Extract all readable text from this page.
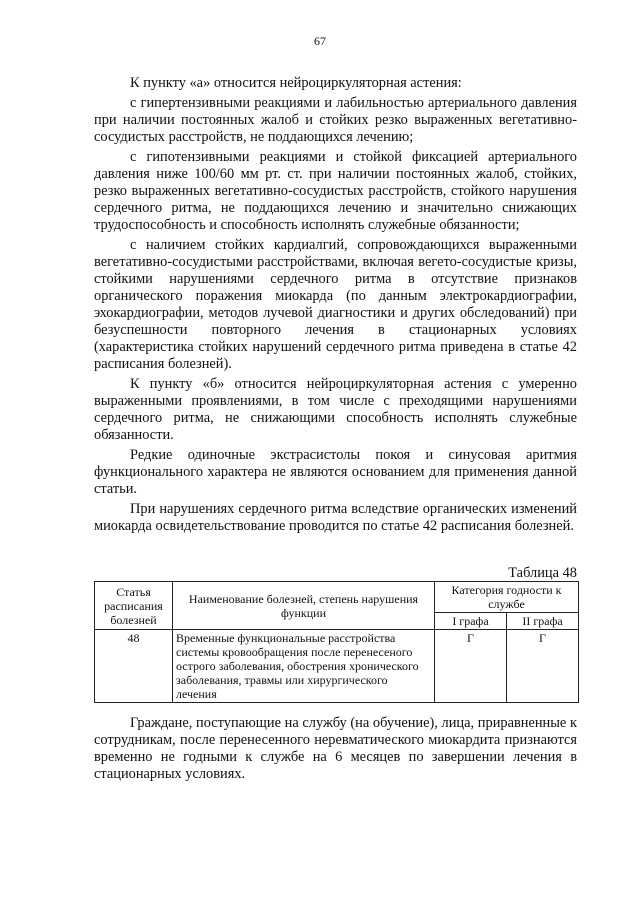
67

К пункту «а» относится нейроциркуляторная астения:

с гипертензивными реакциями и лабильностью артериального давления при наличии постоянных жалоб и стойких резко выраженных вегетативно-сосудистых расстройств, не поддающихся лечению;

с гипотензивными реакциями и стойкой фиксацией артериального давления ниже 100/60 мм рт. ст. при наличии постоянных жалоб, стойких, резко выраженных вегетативно-сосудистых расстройств, стойкого нарушения сердечного ритма, не поддающихся лечению и значительно снижающих трудоспособность и способность исполнять служебные обязанности;

с наличием стойких кардиалгий, сопровождающихся выраженными вегетативно-сосудистыми расстройствами, включая вегето-сосудистые кризы, стойкими нарушениями сердечного ритма в отсутствие признаков органического поражения миокарда (по данным электрокардиографии, эхокардиографии, методов лучевой диагностики и других обследований) при безуспешности повторного лечения в стационарных условиях (характеристика стойких нарушений сердечного ритма приведена в статье 42 расписания болезней).

К пункту «б» относится нейроциркуляторная астения с умеренно выраженными проявлениями, в том числе с преходящими нарушениями сердечного ритма, не снижающими способность исполнять служебные обязанности.

Редкие одиночные экстрасистолы покоя и синусовая аритмия функционального характера не являются основанием для применения данной статьи.

При нарушениях сердечного ритма вследствие органических изменений миокарда освидетельствование проводится по статье 42 расписания болезней.

Таблица 48
Статья расписания болезней	Наименование болезней, степень нарушения функции	Категория годности к службе	
		I графа	II графа
48	Временные функциональные расстройства системы кровообращения после перенесеного острого заболевания, обострения хронического заболевания, травмы или хирургического лечения	Г	Г

Граждане, поступающие на службу (на обучение), лица, приравненные к сотрудникам, после перенесенного неревматического миокардита признаются временно не годными к службе на 6 месяцев по завершении лечения в стационарных условиях.
